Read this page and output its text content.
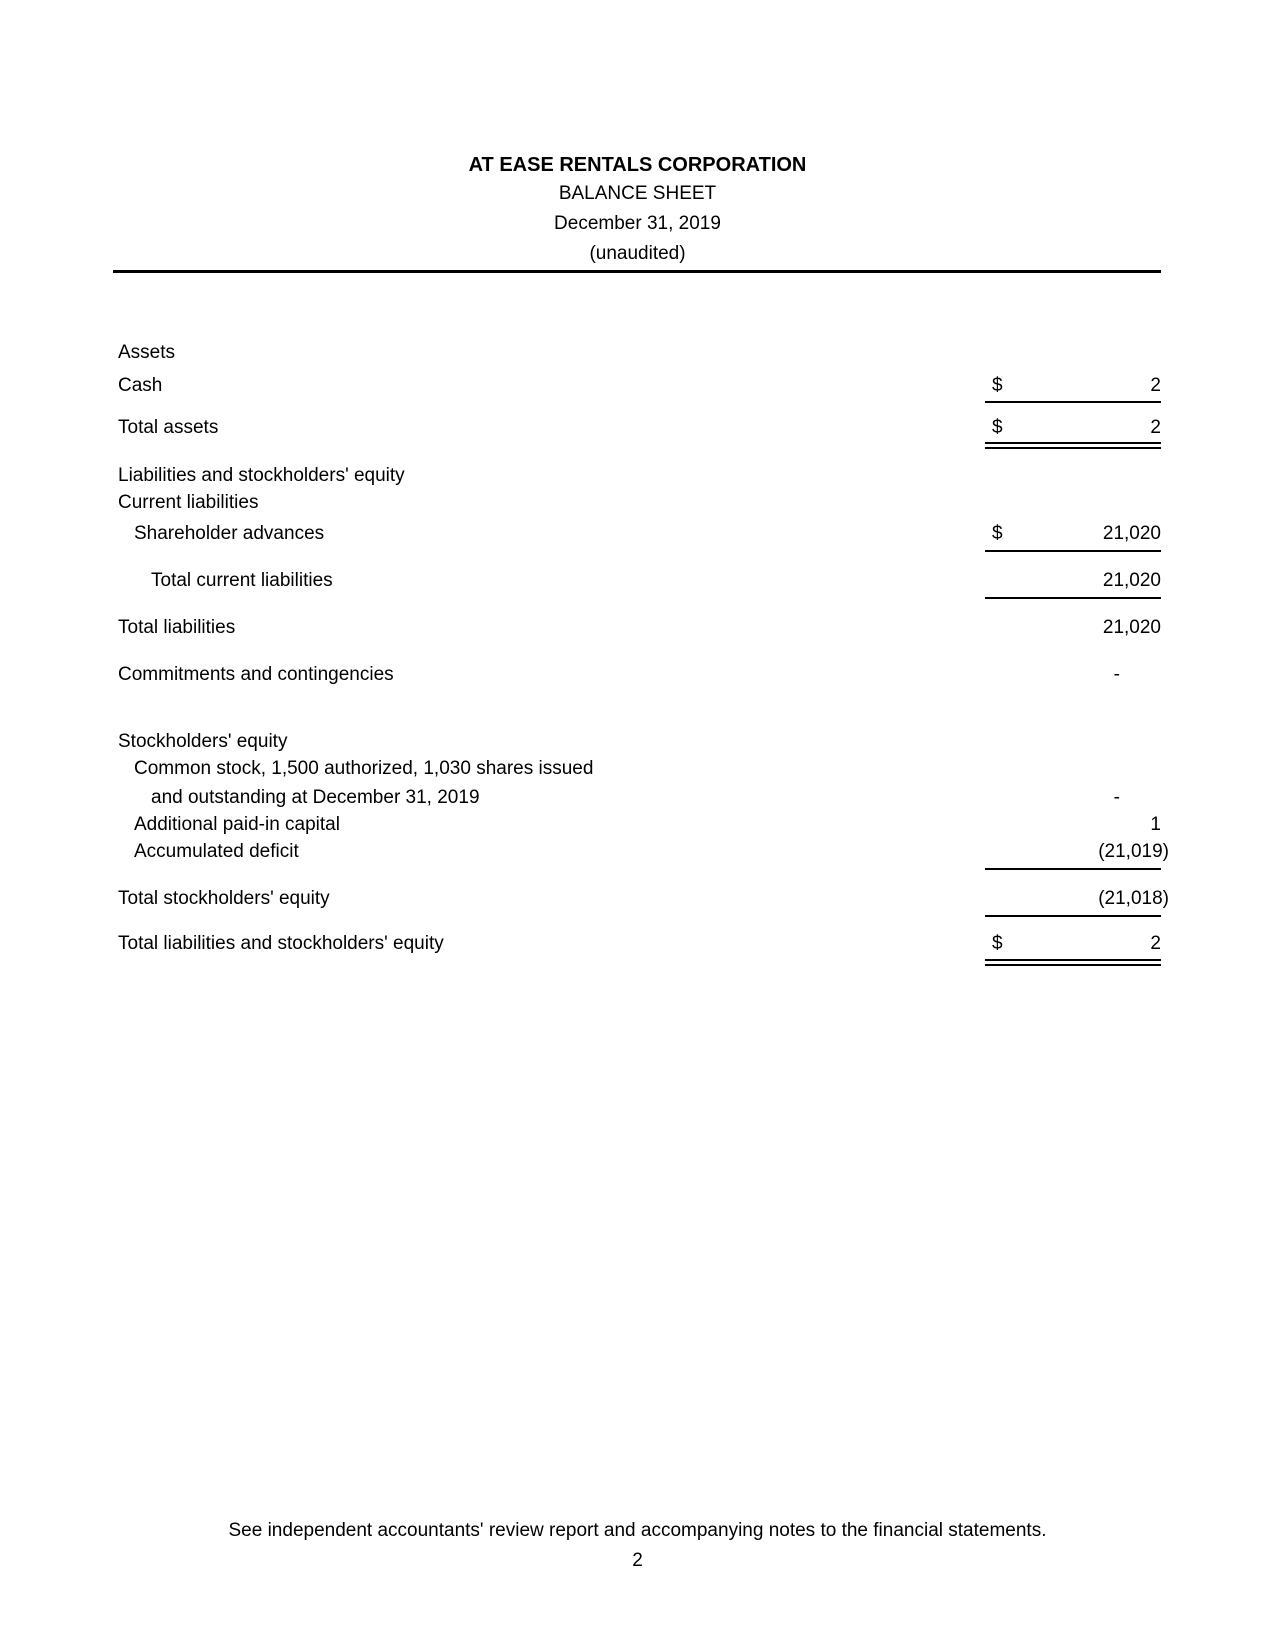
AT EASE RENTALS CORPORATION
BALANCE SHEET
December 31, 2019
(unaudited)
Assets
Cash	$	2
Total assets	$	2
Liabilities and stockholders' equity
Current liabilities
Shareholder advances	$	21,020
Total current liabilities	21,020
Total liabilities	21,020
Commitments and contingencies	-
Stockholders' equity
Common stock, 1,500 authorized, 1,030 shares issued
and outstanding at December 31, 2019	-
Additional paid-in capital	1
Accumulated deficit	(21,019)
Total stockholders' equity	(21,018)
Total liabilities and stockholders' equity	$	2
See independent accountants' review report and accompanying notes to the financial statements.
2
